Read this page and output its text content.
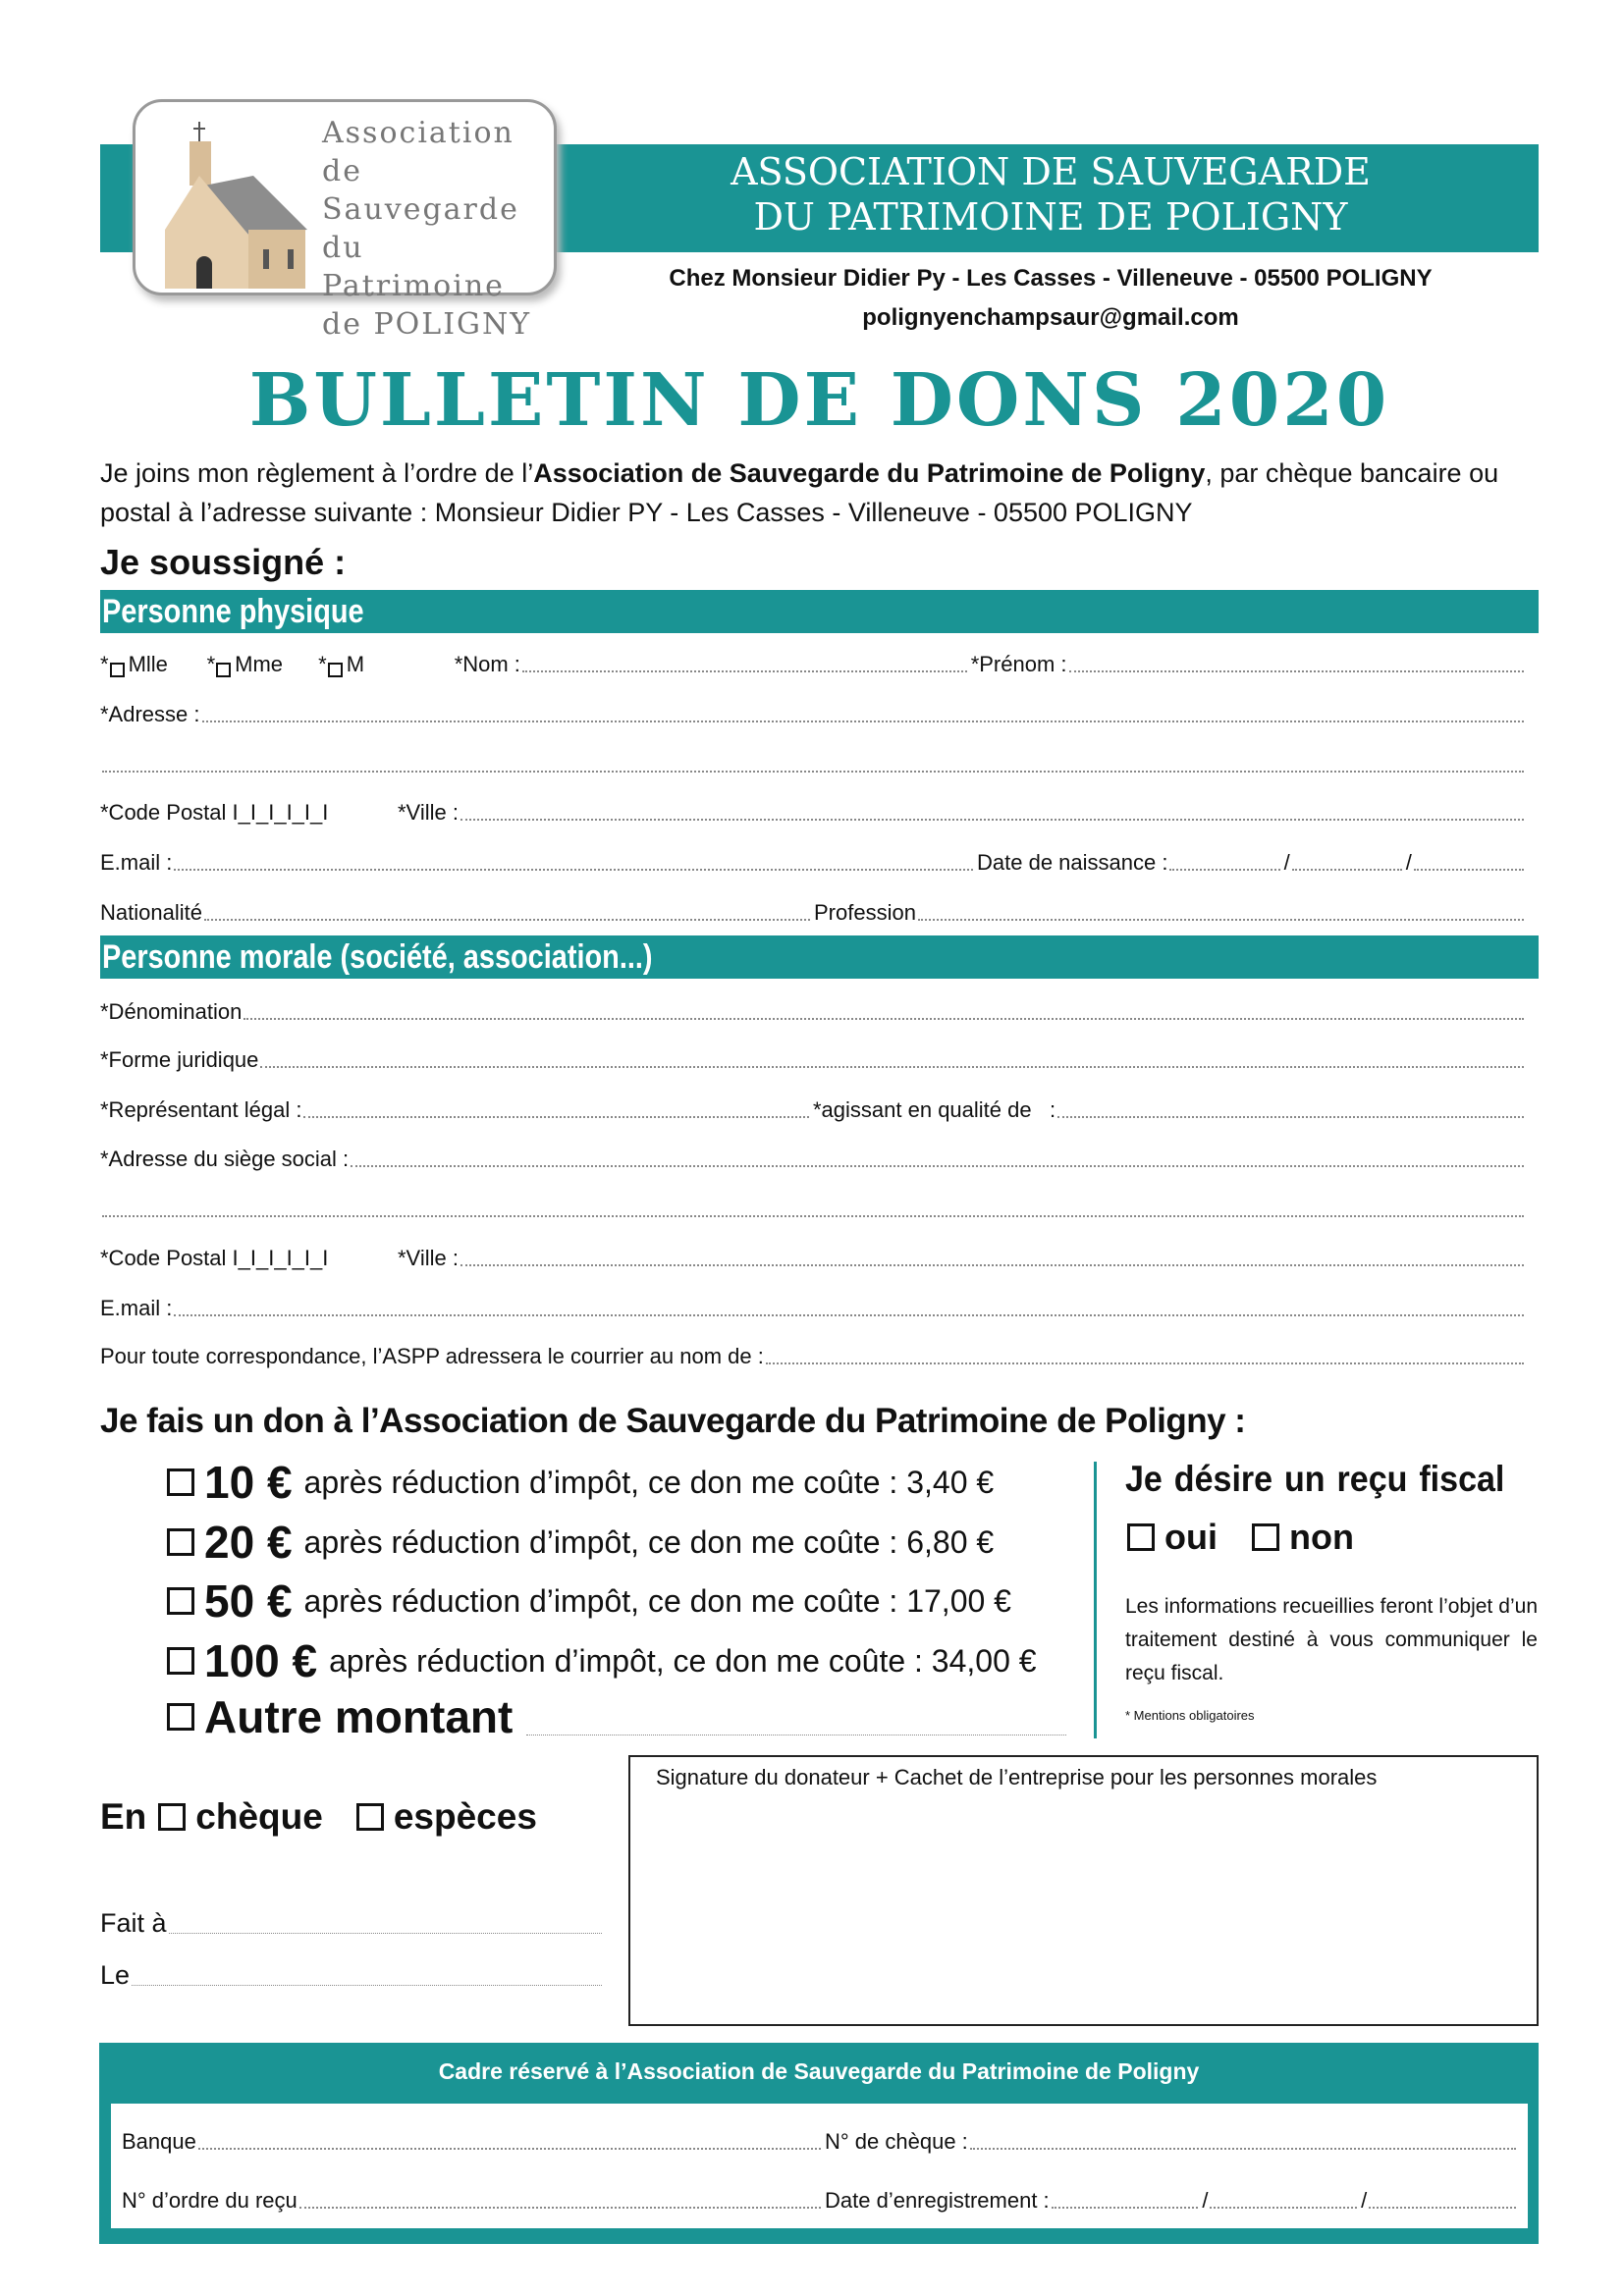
Association
de Sauvegarde
du Patrimoine
de POLIGNY
ASSOCIATION DE SAUVEGARDE
DU PATRIMOINE DE POLIGNY
Chez Monsieur Didier Py - Les Casses - Villeneuve - 05500 POLIGNY
polignyenchampsaur@gmail.com
BULLETIN DE DONS 2020
Je joins mon règlement à l’ordre de l’Association de Sauvegarde du Patrimoine de Poligny, par chèque bancaire ou postal à l’adresse suivante : Monsieur Didier PY - Les Casses - Villeneuve - 05500 POLIGNY
Je soussigné :
Personne physique
* Mlle	* Mme	* M	*Nom :	*Prénom :
*Adresse :
*Code Postal I_I_I_I_I_I	*Ville :
E.mail :	Date de naissance :	/	/
Nationalité	Profession
Personne morale (société, association...)
*Dénomination
*Forme juridique
*Représentant légal :	*agissant en qualité de   :
*Adresse du siège social :
*Code Postal I_I_I_I_I_I	*Ville :
E.mail :
Pour toute correspondance, l’ASPP adressera le courrier au nom de :
Je fais un don à l’Association de Sauvegarde du Patrimoine de Poligny :
10 € après réduction d’impôt, ce don me coûte : 3,40 €
20 € après réduction d’impôt, ce don me coûte : 6,80 €
50 € après réduction d’impôt, ce don me coûte : 17,00 €
100 € après réduction d’impôt, ce don me coûte : 34,00 €
Autre montant
Je désire un reçu fiscal
oui non
Les informations recueillies feront l’objet d’un traitement destiné à vous communiquer le reçu fiscal.
* Mentions obligatoires
En chèque espèces
Fait à
Le
Signature du donateur + Cachet de l’entreprise pour les personnes morales
Cadre réservé à l’Association de Sauvegarde du Patrimoine de Poligny
Banque	N° de chèque :
N° d’ordre du reçu	Date d’enregistrement :	/	/
